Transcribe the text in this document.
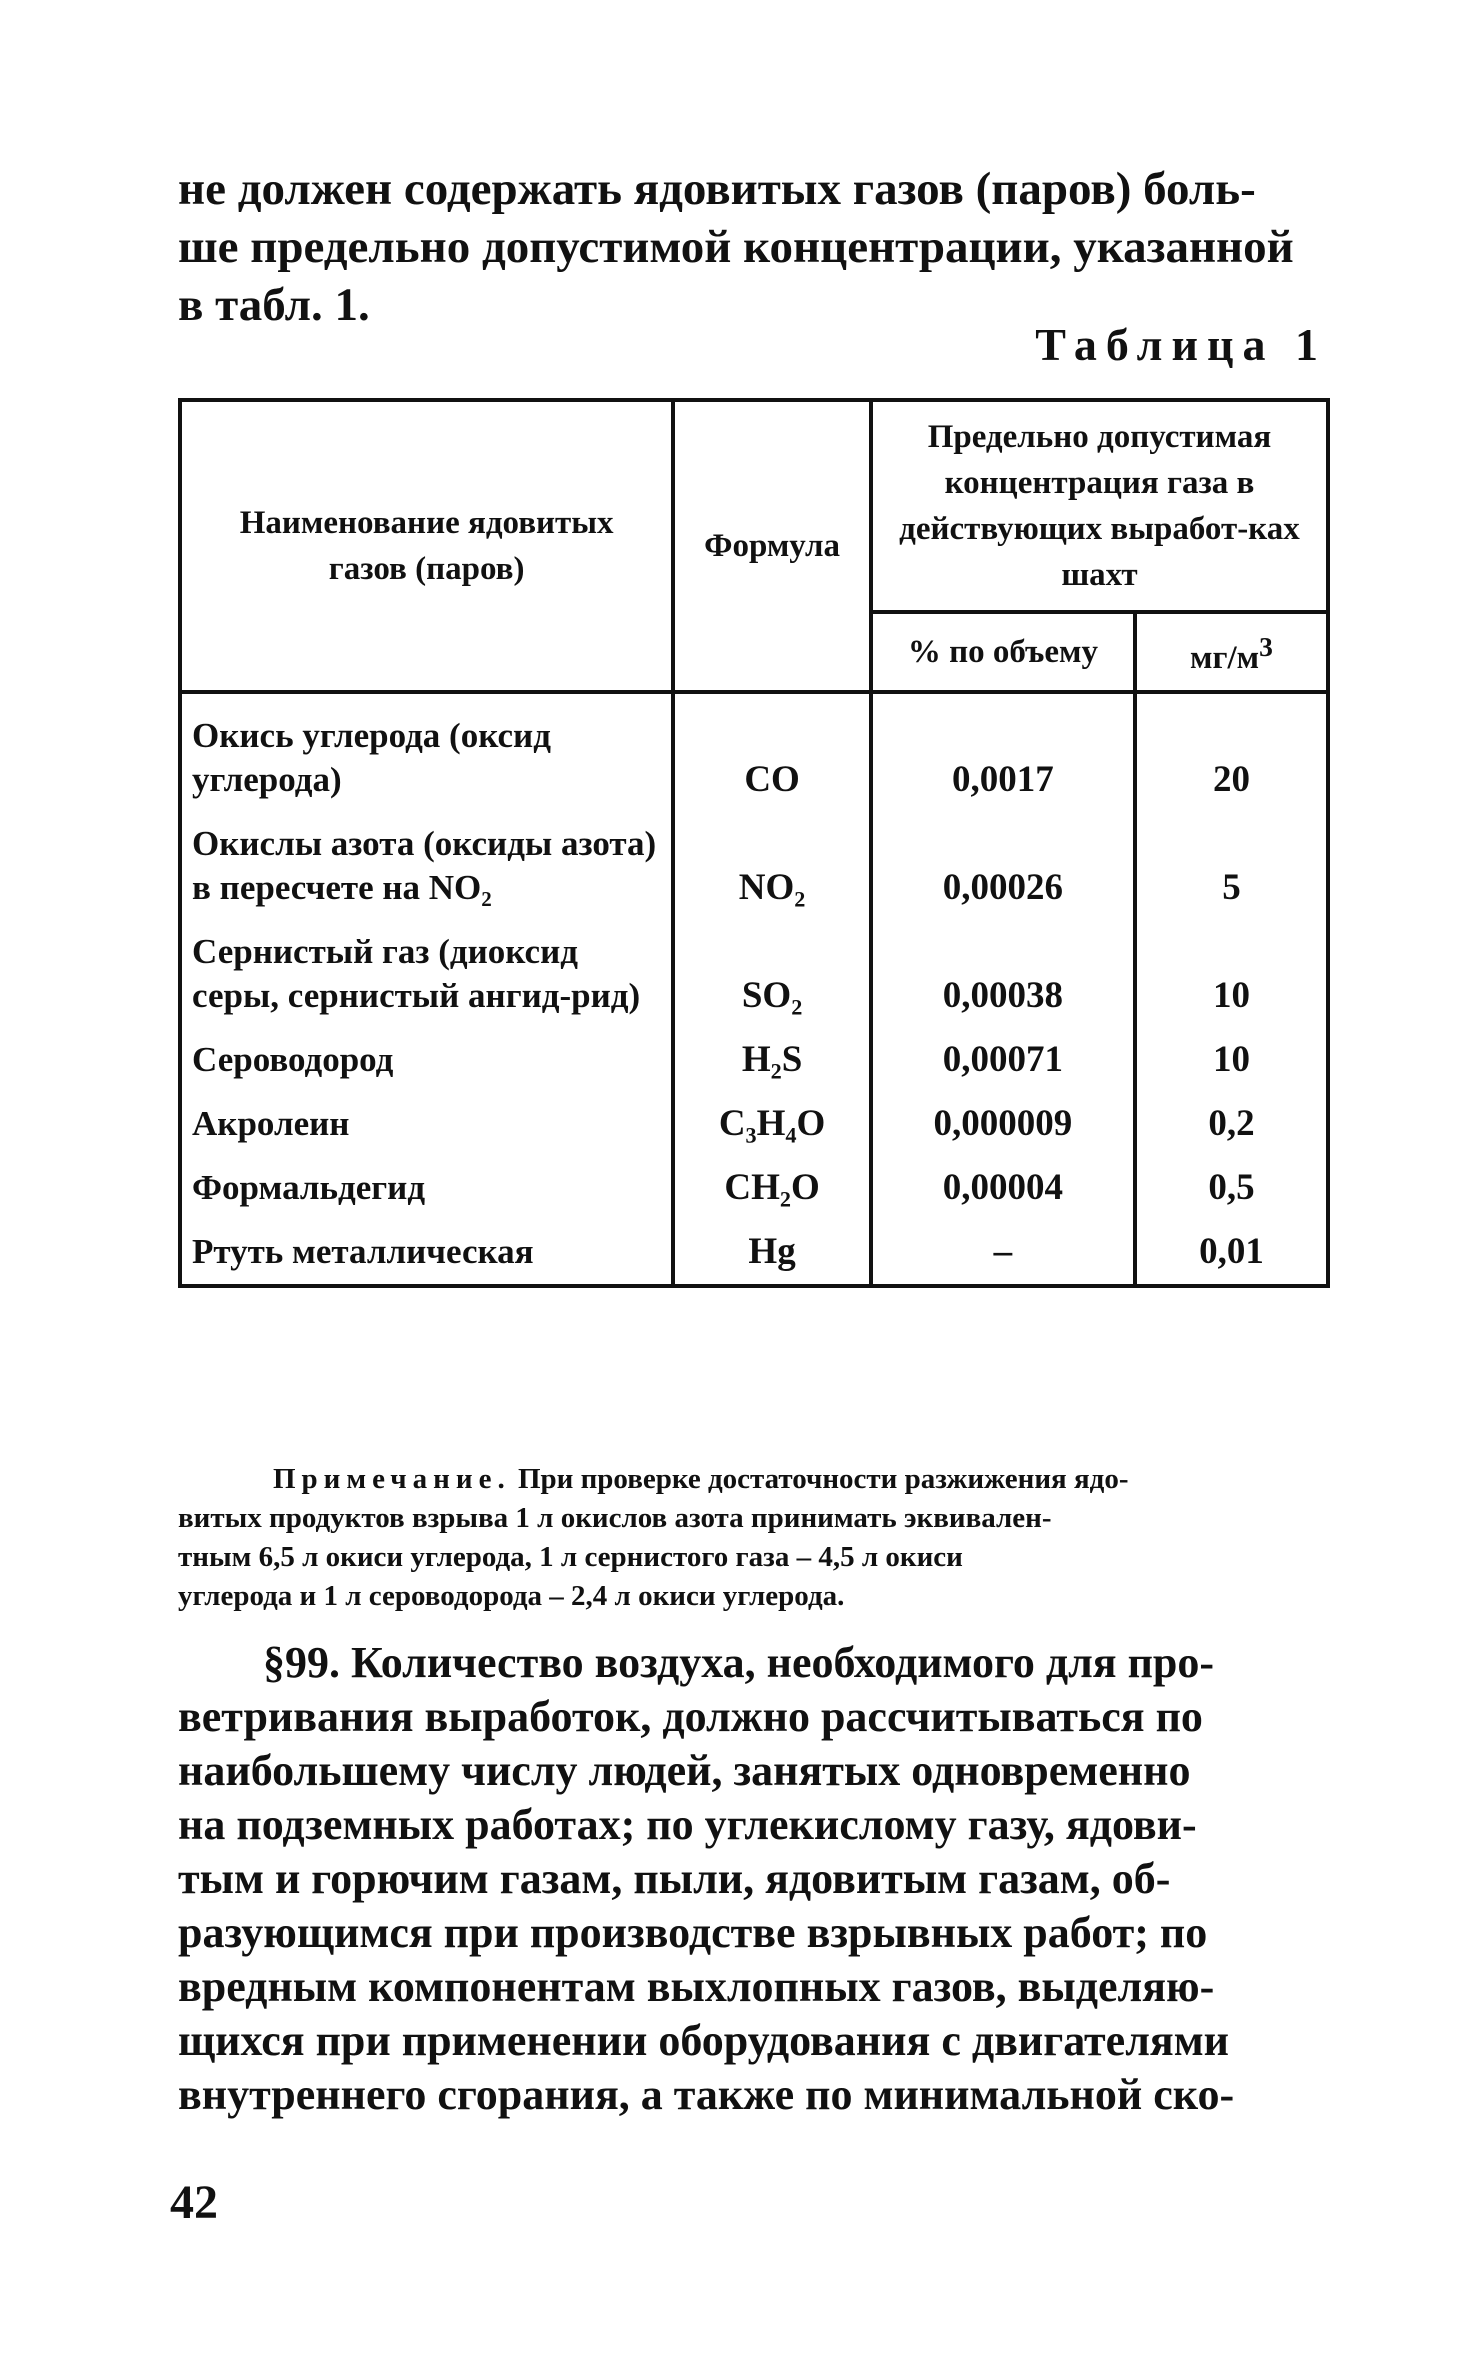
не должен содержать ядовитых газов (паров) боль-
ше предельно допустимой концентрации, указанной
в табл. 1.
Таблица 1
Наименование ядовитых газов (паров)	Формула	Предельно допустимая концентрация газа в действующих выработ-ках шахт	
		% по объему	$мг/м^3$
Окись углерода (оксид углерода)	CO	0,0017	20
Окислы азота (оксиды азота) в пересчете на NO₂	NO₂	0,00026	5
Сернистый газ (диоксид серы, сернистый ангид-рид)	SO₂	0,00038	10
Сероводород	H₂S	0,00071	10
Акролеин	C₃H₄O	0,000009	0,2
Формальдегид	CH₂O	0,00004	0,5
Ртуть металлическая	Hg	–	0,01
Примечание. При проверке достаточности разжижения ядо-
витых продуктов взрыва 1 л окислов азота принимать эквивален-
тным 6,5 л окиси углерода, 1 л сернистого газа – 4,5 л окиси
углерода и 1 л сероводорода – 2,4 л окиси углерода.
§99. Количество воздуха, необходимого для про-
ветривания выработок, должно рассчитываться по
наибольшему числу людей, занятых одновременно
на подземных работах; по углекислому газу, ядови-
тым и горючим газам, пыли, ядовитым газам, об-
разующимся при производстве взрывных работ; по
вредным компонентам выхлопных газов, выделяю-
щихся при применении оборудования с двигателями
внутреннего сгорания, а также по минимальной ско-
42
